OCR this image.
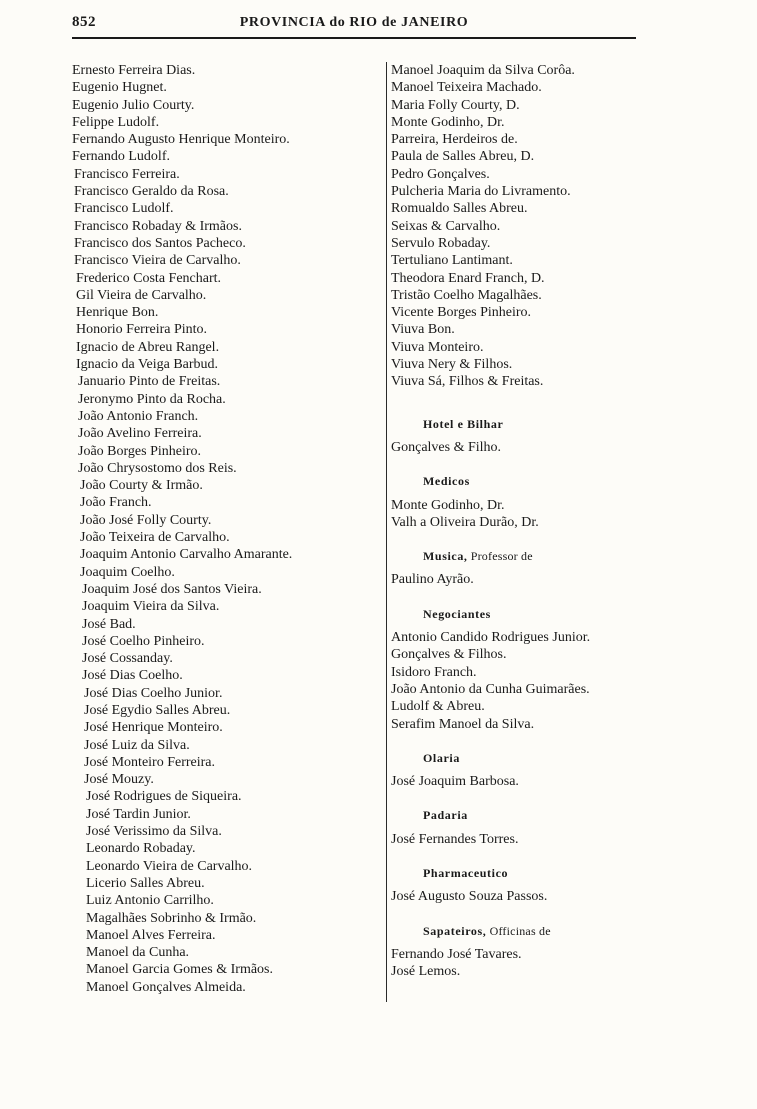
852	PROVINCIA do RIO de JANEIRO
Ernesto Ferreira Dias.
Eugenio Hugnet.
Eugenio Julio Courty.
Felippe Ludolf.
Fernando Augusto Henrique Monteiro.
Fernando Ludolf.
Francisco Ferreira.
Francisco Geraldo da Rosa.
Francisco Ludolf.
Francisco Robaday & Irmãos.
Francisco dos Santos Pacheco.
Francisco Vieira de Carvalho.
Frederico Costa Fenchart.
Gil Vieira de Carvalho.
Henrique Bon.
Honorio Ferreira Pinto.
Ignacio de Abreu Rangel.
Ignacio da Veiga Barbud.
Januario Pinto de Freitas.
Jeronymo Pinto da Rocha.
João Antonio Franch.
João Avelino Ferreira.
João Borges Pinheiro.
João Chrysostomo dos Reis.
João Courty & Irmão.
João Franch.
João José Folly Courty.
João Teixeira de Carvalho.
Joaquim Antonio Carvalho Amarante.
Joaquim Coelho.
Joaquim José dos Santos Vieira.
Joaquim Vieira da Silva.
José Bad.
José Coelho Pinheiro.
José Cossanday.
José Dias Coelho.
José Dias Coelho Junior.
José Egydio Salles Abreu.
José Henrique Monteiro.
José Luiz da Silva.
José Monteiro Ferreira.
José Mouzy.
José Rodrigues de Siqueira.
José Tardin Junior.
José Verissimo da Silva.
Leonardo Robaday.
Leonardo Vieira de Carvalho.
Licerio Salles Abreu.
Luiz Antonio Carrilho.
Magalhães Sobrinho & Irmão.
Manoel Alves Ferreira.
Manoel da Cunha.
Manoel Garcia Gomes & Irmãos.
Manoel Gonçalves Almeida.
Manoel Joaquim da Silva Corôa.
Manoel Teixeira Machado.
Maria Folly Courty, D.
Monte Godinho, Dr.
Parreira, Herdeiros de.
Paula de Salles Abreu, D.
Pedro Gonçalves.
Pulcheria Maria do Livramento.
Romualdo Salles Abreu.
Seixas & Carvalho.
Servulo Robaday.
Tertuliano Lantimant.
Theodora Enard Franch, D.
Tristão Coelho Magalhães.
Vicente Borges Pinheiro.
Viuva Bon.
Viuva Monteiro.
Viuva Nery & Filhos.
Viuva Sá, Filhos & Freitas.
Hotel e Bilhar
Gonçalves & Filho.
Medicos
Monte Godinho, Dr.
Valh a Oliveira Durão, Dr.
Musica, Professor de
Paulino Ayrão.
Negociantes
Antonio Candido Rodrigues Junior.
Gonçalves & Filhos.
Isidoro Franch.
João Antonio da Cunha Guimarães.
Ludolf & Abreu.
Serafim Manoel da Silva.
Olaria
José Joaquim Barbosa.
Padaria
José Fernandes Torres.
Pharmaceutico
José Augusto Souza Passos.
Sapateiros, Officinas de
Fernando José Tavares.
José Lemos.
